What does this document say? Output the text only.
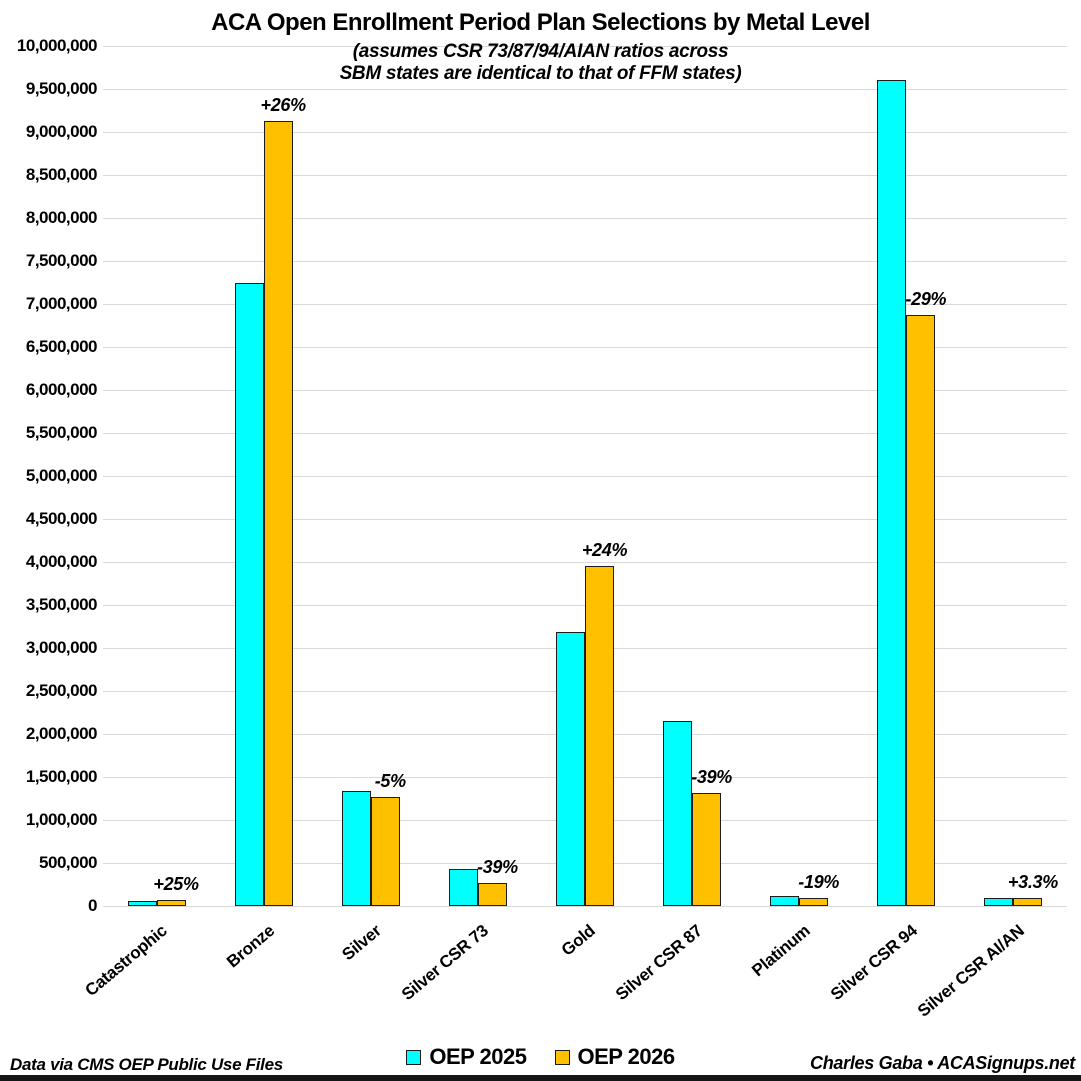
ACA Open Enrollment Period Plan Selections by Metal Level
(assumes CSR 73/87/94/AIAN ratios across
SBM states are identical to that of FFM states)
0
500,000
1,000,000
1,500,000
2,000,000
2,500,000
3,000,000
3,500,000
4,000,000
4,500,000
5,000,000
5,500,000
6,000,000
6,500,000
7,000,000
7,500,000
8,000,000
8,500,000
9,000,000
9,500,000
10,000,000
+25%
+26%
-5%
-39%
+24%
-39%
-19%
-29%
+3.3%
Catastrophic	Bronze	Silver Silver CSR 73	Gold Silver CSR 87 Platinum Silver CSR 94
Silver CSR AI/AN
Data via CMS OEP Public Use Files	OEP 2025 OEP 2026	Charles Gaba • ACASignups.net
